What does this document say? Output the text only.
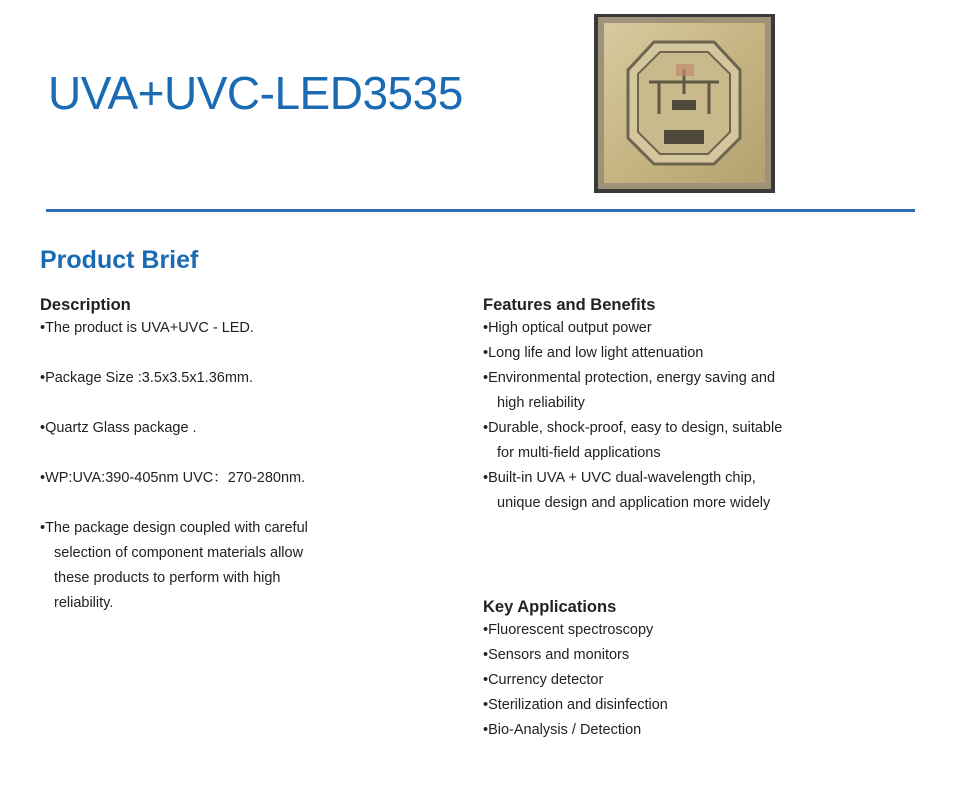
UVA+UVC-LED3535
Product Brief
Description
•The product is UVA+UVC - LED.
•Package Size :3.5x3.5x1.36mm.
•Quartz Glass package .
•WP:UVA:390-405nm UVC：270-280nm.
•The package design coupled with careful
selection of component materials allow
these products to perform with high
reliability.
Features and Benefits
•High optical output power
•Long life and low light attenuation
•Environmental protection, energy saving and
high reliability
•Durable, shock-proof, easy to design, suitable
for multi-field applications
•Built-in UVA + UVC dual-wavelength chip,
unique design and application more widely
Key Applications
•Fluorescent spectroscopy
•Sensors and monitors
•Currency detector
•Sterilization and disinfection
•Bio-Analysis / Detection
